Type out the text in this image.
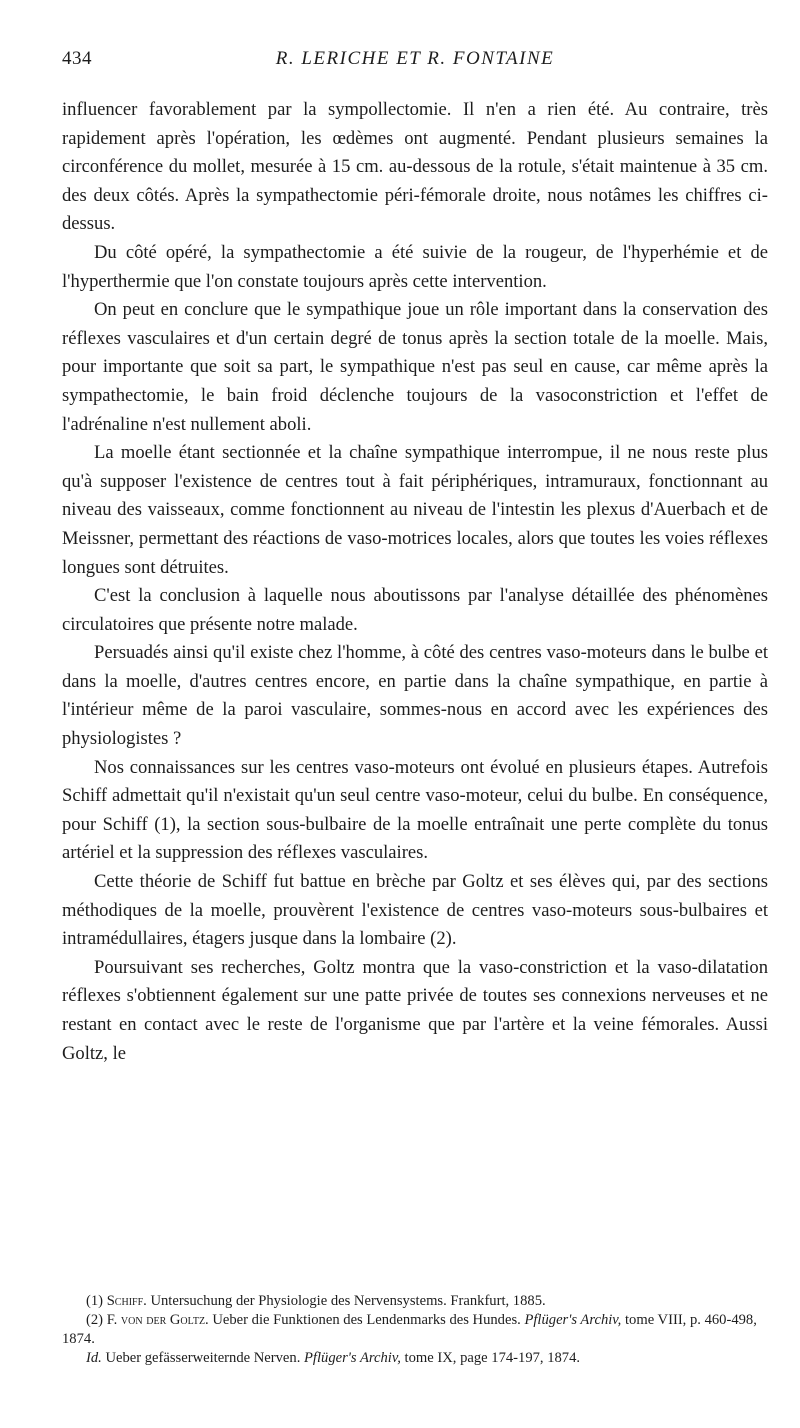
434	R. LERICHE ET R. FONTAINE

influencer favorablement par la sympollectomie. Il n'en a rien été. Au contraire, très rapidement après l'opération, les œdèmes ont augmenté. Pendant plusieurs semaines la circonférence du mollet, mesurée à 15 cm. au-dessous de la rotule, s'était maintenue à 35 cm. des deux côtés. Après la sympathectomie péri-fémorale droite, nous notâmes les chiffres ci-dessus.

Du côté opéré, la sympathectomie a été suivie de la rougeur, de l'hyperhémie et de l'hyperthermie que l'on constate toujours après cette intervention.

On peut en conclure que le sympathique joue un rôle important dans la conservation des réflexes vasculaires et d'un certain degré de tonus après la section totale de la moelle. Mais, pour importante que soit sa part, le sympathique n'est pas seul en cause, car même après la sympathectomie, le bain froid déclenche toujours de la vasoconstriction et l'effet de l'adrénaline n'est nullement aboli.

La moelle étant sectionnée et la chaîne sympathique interrompue, il ne nous reste plus qu'à supposer l'existence de centres tout à fait périphériques, intramuraux, fonctionnant au niveau des vaisseaux, comme fonctionnent au niveau de l'intestin les plexus d'Auerbach et de Meissner, permettant des réactions de vaso-motrices locales, alors que toutes les voies réflexes longues sont détruites.

C'est la conclusion à laquelle nous aboutissons par l'analyse détaillée des phénomènes circulatoires que présente notre malade.

Persuadés ainsi qu'il existe chez l'homme, à côté des centres vaso-moteurs dans le bulbe et dans la moelle, d'autres centres encore, en partie dans la chaîne sympathique, en partie à l'intérieur même de la paroi vasculaire, sommes-nous en accord avec les expériences des physiologistes ?

Nos connaissances sur les centres vaso-moteurs ont évolué en plusieurs étapes. Autrefois Schiff admettait qu'il n'existait qu'un seul centre vaso-moteur, celui du bulbe. En conséquence, pour Schiff (1), la section sous-bulbaire de la moelle entraînait une perte complète du tonus artériel et la suppression des réflexes vasculaires.

Cette théorie de Schiff fut battue en brèche par Goltz et ses élèves qui, par des sections méthodiques de la moelle, prouvèrent l'existence de centres vaso-moteurs sous-bulbaires et intramédullaires, étagers jusque dans la lombaire (2).

Poursuivant ses recherches, Goltz montra que la vaso-constriction et la vaso-dilatation réflexes s'obtiennent également sur une patte privée de toutes ses connexions nerveuses et ne restant en contact avec le reste de l'organisme que par l'artère et la veine fémorales. Aussi Goltz, le

(1) Schiff. Untersuchung der Physiologie des Nervensystems. Frankfurt, 1885.

(2) F. von der Goltz. Ueber die Funktionen des Lendenmarks des Hundes. Pflüger's Archiv, tome VIII, p. 460-498, 1874.

Id. Ueber gefässerweiternde Nerven. Pflüger's Archiv, tome IX, page 174-197, 1874.
